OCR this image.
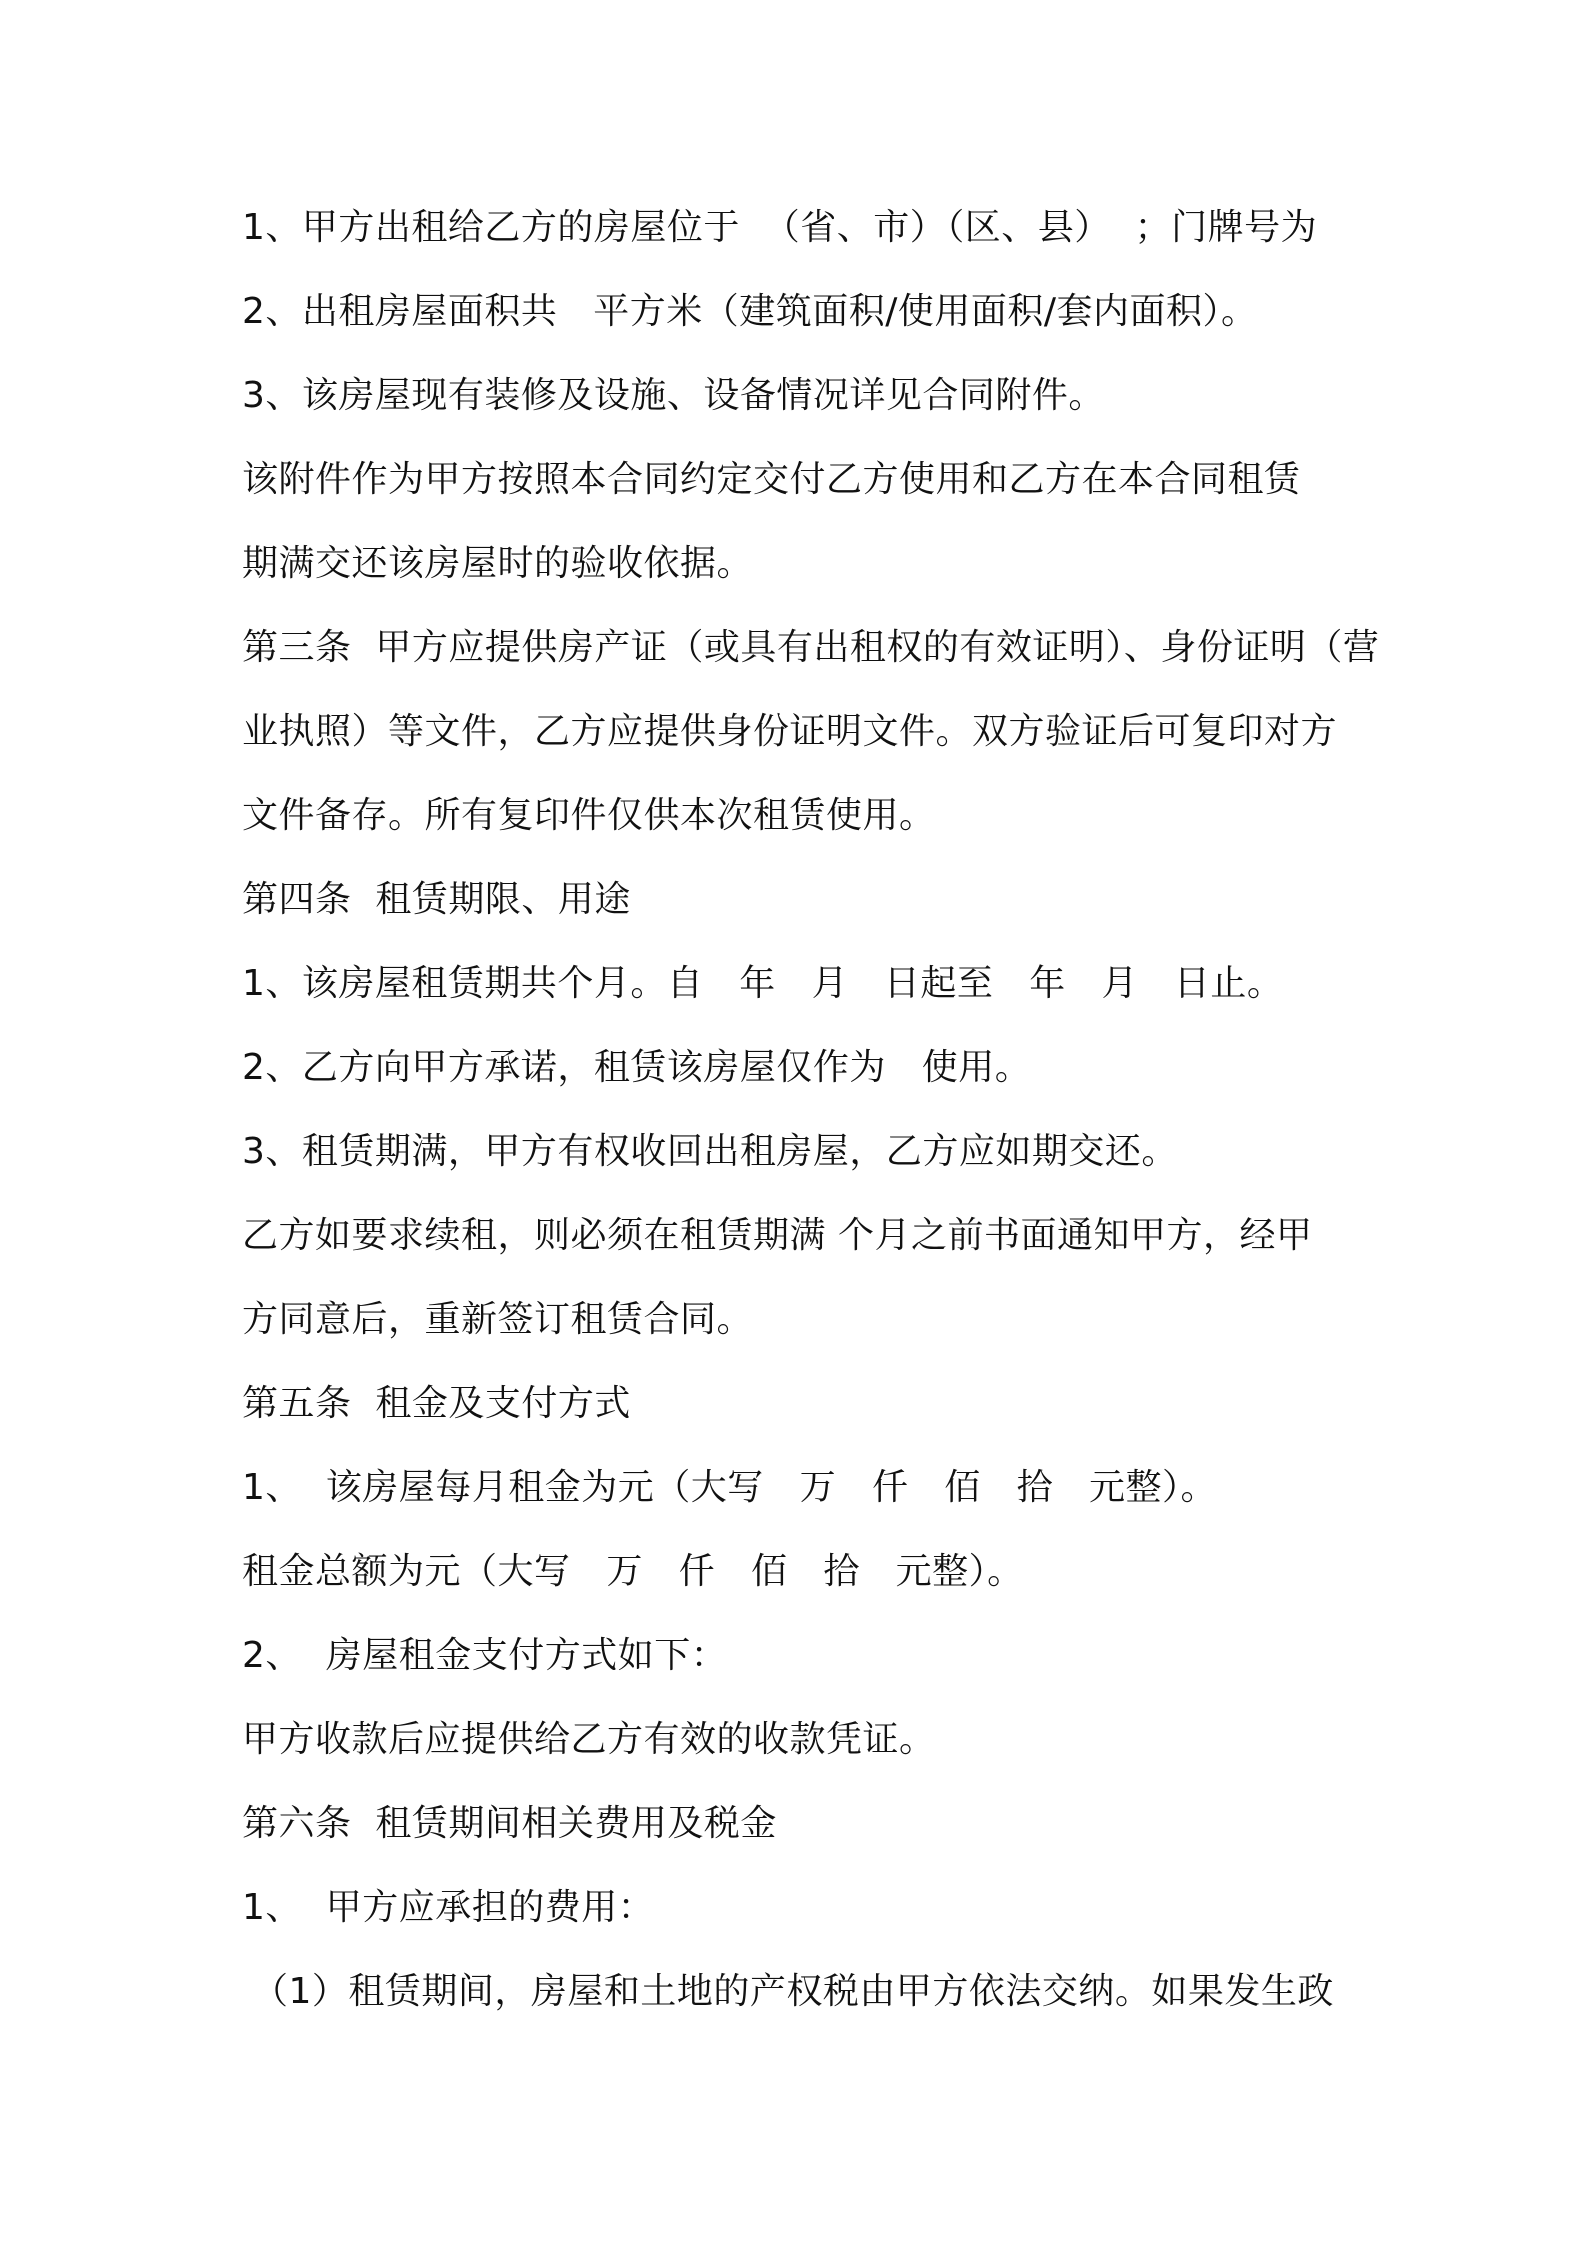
1、甲方出租给乙方的房屋位于  （省、市）（区、县）  ；门牌号为

2、出租房屋面积共   平方米（建筑面积/使用面积/套内面积）。

3、该房屋现有装修及设施、设备情况详见合同附件。

该附件作为甲方按照本合同约定交付乙方使用和乙方在本合同租赁

期满交还该房屋时的验收依据。

第三条  甲方应提供房产证（或具有出租权的有效证明）、身份证明（营

业执照）等文件，乙方应提供身份证明文件。双方验证后可复印对方

文件备存。所有复印件仅供本次租赁使用。

第四条  租赁期限、用途

1、该房屋租赁期共个月。自   年   月   日起至   年   月   日止。

2、乙方向甲方承诺，租赁该房屋仅作为   使用。

3、租赁期满，甲方有权收回出租房屋，乙方应如期交还。

乙方如要求续租，则必须在租赁期满 个月之前书面通知甲方，经甲

方同意后，重新签订租赁合同。

第五条  租金及支付方式

1、  该房屋每月租金为元（大写   万   仟   佰   拾   元整）。

租金总额为元（大写   万   仟   佰   拾   元整）。

2、  房屋租金支付方式如下：

甲方收款后应提供给乙方有效的收款凭证。

第六条  租赁期间相关费用及税金

1、  甲方应承担的费用：

（1）租赁期间，房屋和土地的产权税由甲方依法交纳。如果发生政
